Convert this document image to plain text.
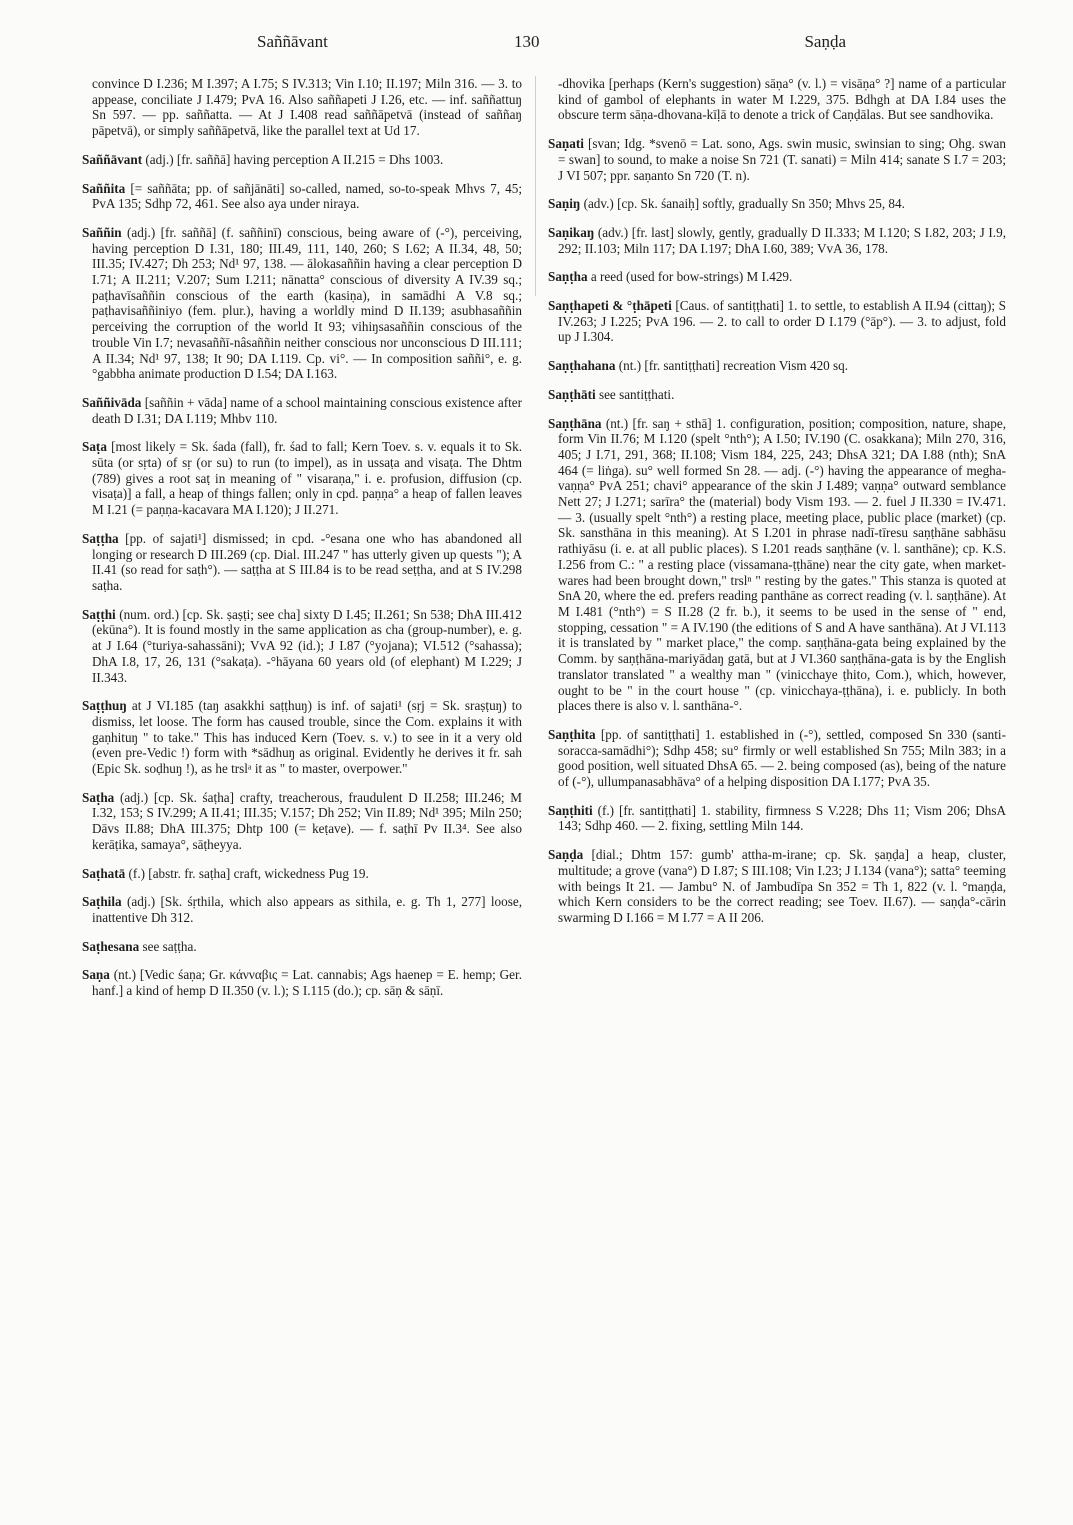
Saññāvant	130	Saṇḍa

convince D I.236; M I.397; A I.75; S IV.313; Vin I.10; II.197; Miln 316. — 3. to appease, conciliate J I.479; PvA 16. Also saññapeti J I.26, etc. — inf. saññattuŋ Sn 597. — pp. saññatta. — At J I.408 read saññāpetvā (instead of saññaŋ pāpetvā), or simply saññāpetvā, like the parallel text at Ud 17.

Saññāvant (adj.) [fr. saññā] having perception A II.215 = Dhs 1003.

Saññita [= saññāta; pp. of sañjānāti] so-called, named, so-to-speak Mhvs 7, 45; PvA 135; Sdhp 72, 461. See also aya under niraya.

Saññin (adj.) [fr. saññā] (f. saññinī) conscious, being aware of (-°), perceiving, having perception D I.31, 180; III.49, 111, 140, 260; S I.62; A II.34, 48, 50; III.35; IV.427; Dh 253; Nd¹ 97, 138. — ālokasaññin having a clear perception D I.71; A II.211; V.207; Sum I.211; nānatta° conscious of diversity A IV.39 sq.; paṭhavīsaññin conscious of the earth (kasiṇa), in samādhi A V.8 sq.; paṭhavisaññiniyo (fem. plur.), having a worldly mind D II.139; asubhasaññin perceiving the corruption of the world It 93; vihiŋsasaññin conscious of the trouble Vin I.7; nevasaññī-nâsaññin neither conscious nor unconscious D III.111; A II.34; Nd¹ 97, 138; It 90; DA I.119. Cp. vi°. — In composition saññi°, e. g. °gabbha animate production D I.54; DA I.163.

Saññivāda [saññin + vāda] name of a school maintaining conscious existence after death D I.31; DA I.119; Mhbv 110.

Saṭa [most likely = Sk. śada (fall), fr. śad to fall; Kern Toev. s. v. equals it to Sk. sūta (or sṛta) of sṛ (or su) to run (to impel), as in ussaṭa and visaṭa. The Dhtm (789) gives a root saṭ in meaning of " visaraṇa," i. e. profusion, diffusion (cp. visaṭa)] a fall, a heap of things fallen; only in cpd. paṇṇa° a heap of fallen leaves M I.21 (= paṇṇa-kacavara MA I.120); J II.271.

Saṭṭha [pp. of sajati¹] dismissed; in cpd. -°esana one who has abandoned all longing or research D III.269 (cp. Dial. III.247 " has utterly given up quests "); A II.41 (so read for saṭh°). — saṭṭha at S III.84 is to be read seṭṭha, and at S IV.298 saṭha.

Saṭṭhi (num. ord.) [cp. Sk. ṣaṣṭi; see cha] sixty D I.45; II.261; Sn 538; DhA III.412 (ekūna°). It is found mostly in the same application as cha (group-number), e. g. at J I.64 (°turiya-sahassāni); VvA 92 (id.); J I.87 (°yojana); VI.512 (°sahassa); DhA I.8, 17, 26, 131 (°sakaṭa). -°hāyana 60 years old (of elephant) M I.229; J II.343.

Saṭṭhuŋ at J VI.185 (taŋ asakkhi saṭṭhuŋ) is inf. of sajati¹ (sṛj = Sk. sraṣṭuŋ) to dismiss, let loose. The form has caused trouble, since the Com. explains it with gaṇhituŋ " to take." This has induced Kern (Toev. s. v.) to see in it a very old (even pre-Vedic !) form with *sādhuŋ as original. Evidently he derives it fr. sah (Epic Sk. soḍhuŋ !), as he trslᵃ it as " to master, overpower."

Saṭha (adj.) [cp. Sk. śaṭha] crafty, treacherous, fraudulent D II.258; III.246; M I.32, 153; S IV.299; A II.41; III.35; V.157; Dh 252; Vin II.89; Nd¹ 395; Miln 250; Dāvs II.88; DhA III.375; Dhtp 100 (= keṭave). — f. saṭhī Pv II.3⁴. See also kerāṭika, samaya°, sāṭheyya.

Saṭhatā (f.) [abstr. fr. saṭha] craft, wickedness Pug 19.

Saṭhila (adj.) [Sk. śṛthila, which also appears as sithila, e. g. Th 1, 277] loose, inattentive Dh 312.

Saṭhesana see saṭṭha.

Saṇa (nt.) [Vedic śaṇa; Gr. κάνναβις = Lat. cannabis; Ags haenep = E. hemp; Ger. hanf.] a kind of hemp D II.350 (v. l.); S I.115 (do.); cp. sāṇ & sāṇī.

-dhovika [perhaps (Kern's suggestion) sāṇa° (v. l.) = visāṇa° ?] name of a particular kind of gambol of elephants in water M I.229, 375. Bdhgh at DA I.84 uses the obscure term sāṇa-dhovana-kīḷā to denote a trick of Caṇḍālas. But see sandhovika.

Saṇati [svan; Idg. *svenō = Lat. sono, Ags. swin music, swinsian to sing; Ohg. swan = swan] to sound, to make a noise Sn 721 (T. sanati) = Miln 414; sanate S I.7 = 203; J VI 507; ppr. saṇanto Sn 720 (T. n).

Saṇiŋ (adv.) [cp. Sk. śanaiḥ] softly, gradually Sn 350; Mhvs 25, 84.

Saṇikaŋ (adv.) [fr. last] slowly, gently, gradually D II.333; M I.120; S I.82, 203; J I.9, 292; II.103; Miln 117; DA I.197; DhA I.60, 389; VvA 36, 178.

Saṇṭha a reed (used for bow-strings) M I.429.

Saṇṭhapeti & °ṭhāpeti [Caus. of santiṭṭhati] 1. to settle, to establish A II.94 (cittaŋ); S IV.263; J I.225; PvA 196. — 2. to call to order D I.179 (°āp°). — 3. to adjust, fold up J I.304.

Saṇṭhahana (nt.) [fr. santiṭṭhati] recreation Vism 420 sq.

Saṇṭhāti see santiṭṭhati.

Saṇṭhāna (nt.) [fr. saŋ + sthā] 1. configuration, position; composition, nature, shape, form Vin II.76; M I.120 (spelt °nth°); A I.50; IV.190 (C. osakkana); Miln 270, 316, 405; J I.71, 291, 368; II.108; Vism 184, 225, 243; DhsA 321; DA I.88 (nth); SnA 464 (= liṅga). su° well formed Sn 28. — adj. (-°) having the appearance of megha-vaṇṇa° PvA 251; chavi° appearance of the skin J I.489; vaṇṇa° outward semblance Nett 27; J I.271; sarīra° the (material) body Vism 193. — 2. fuel J II.330 = IV.471. — 3. (usually spelt °nth°) a resting place, meeting place, public place (market) (cp. Sk. sansthāna in this meaning). At S I.201 in phrase nadī-tīresu saṇṭhāne sabhāsu rathiyāsu (i. e. at all public places). S I.201 reads saṇṭhāne (v. l. santhāne); cp. K.S. I.256 from C.: " a resting place (vissamana-ṭṭhāne) near the city gate, when market-wares had been brought down," trslⁿ " resting by the gates." This stanza is quoted at SnA 20, where the ed. prefers reading panthāne as correct reading (v. l. saṇṭhāne). At M I.481 (°nth°) = S II.28 (2 fr. b.), it seems to be used in the sense of " end, stopping, cessation " = A IV.190 (the editions of S and A have santhāna). At J VI.113 it is translated by " market place," the comp. saṇṭhāna-gata being explained by the Comm. by saṇṭhāna-mariyādaŋ gatā, but at J VI.360 saṇṭhāna-gata is by the English translator translated " a wealthy man " (vinicchaye ṭhito, Com.), which, however, ought to be " in the court house " (cp. vinicchaya-ṭṭhāna), i. e. publicly. In both places there is also v. l. santhāna-°.

Saṇṭhita [pp. of santiṭṭhati] 1. established in (-°), settled, composed Sn 330 (santi-soracca-samādhi°); Sdhp 458; su° firmly or well established Sn 755; Miln 383; in a good position, well situated DhsA 65. — 2. being composed (as), being of the nature of (-°), ullumpanasabhāva° of a helping disposition DA I.177; PvA 35.

Saṇṭhiti (f.) [fr. santiṭṭhati] 1. stability, firmness S V.228; Dhs 11; Vism 206; DhsA 143; Sdhp 460. — 2. fixing, settling Miln 144.

Saṇḍa [dial.; Dhtm 157: gumb' attha-m-irane; cp. Sk. ṣaṇḍa] a heap, cluster, multitude; a grove (vana°) D I.87; S III.108; Vin I.23; J I.134 (vana°); satta° teeming with beings It 21. — Jambu° N. of Jambudīpa Sn 352 = Th 1, 822 (v. l. °maṇḍa, which Kern considers to be the correct reading; see Toev. II.67). — saṇḍa°-cārin swarming D I.166 = M I.77 = A II 206.
